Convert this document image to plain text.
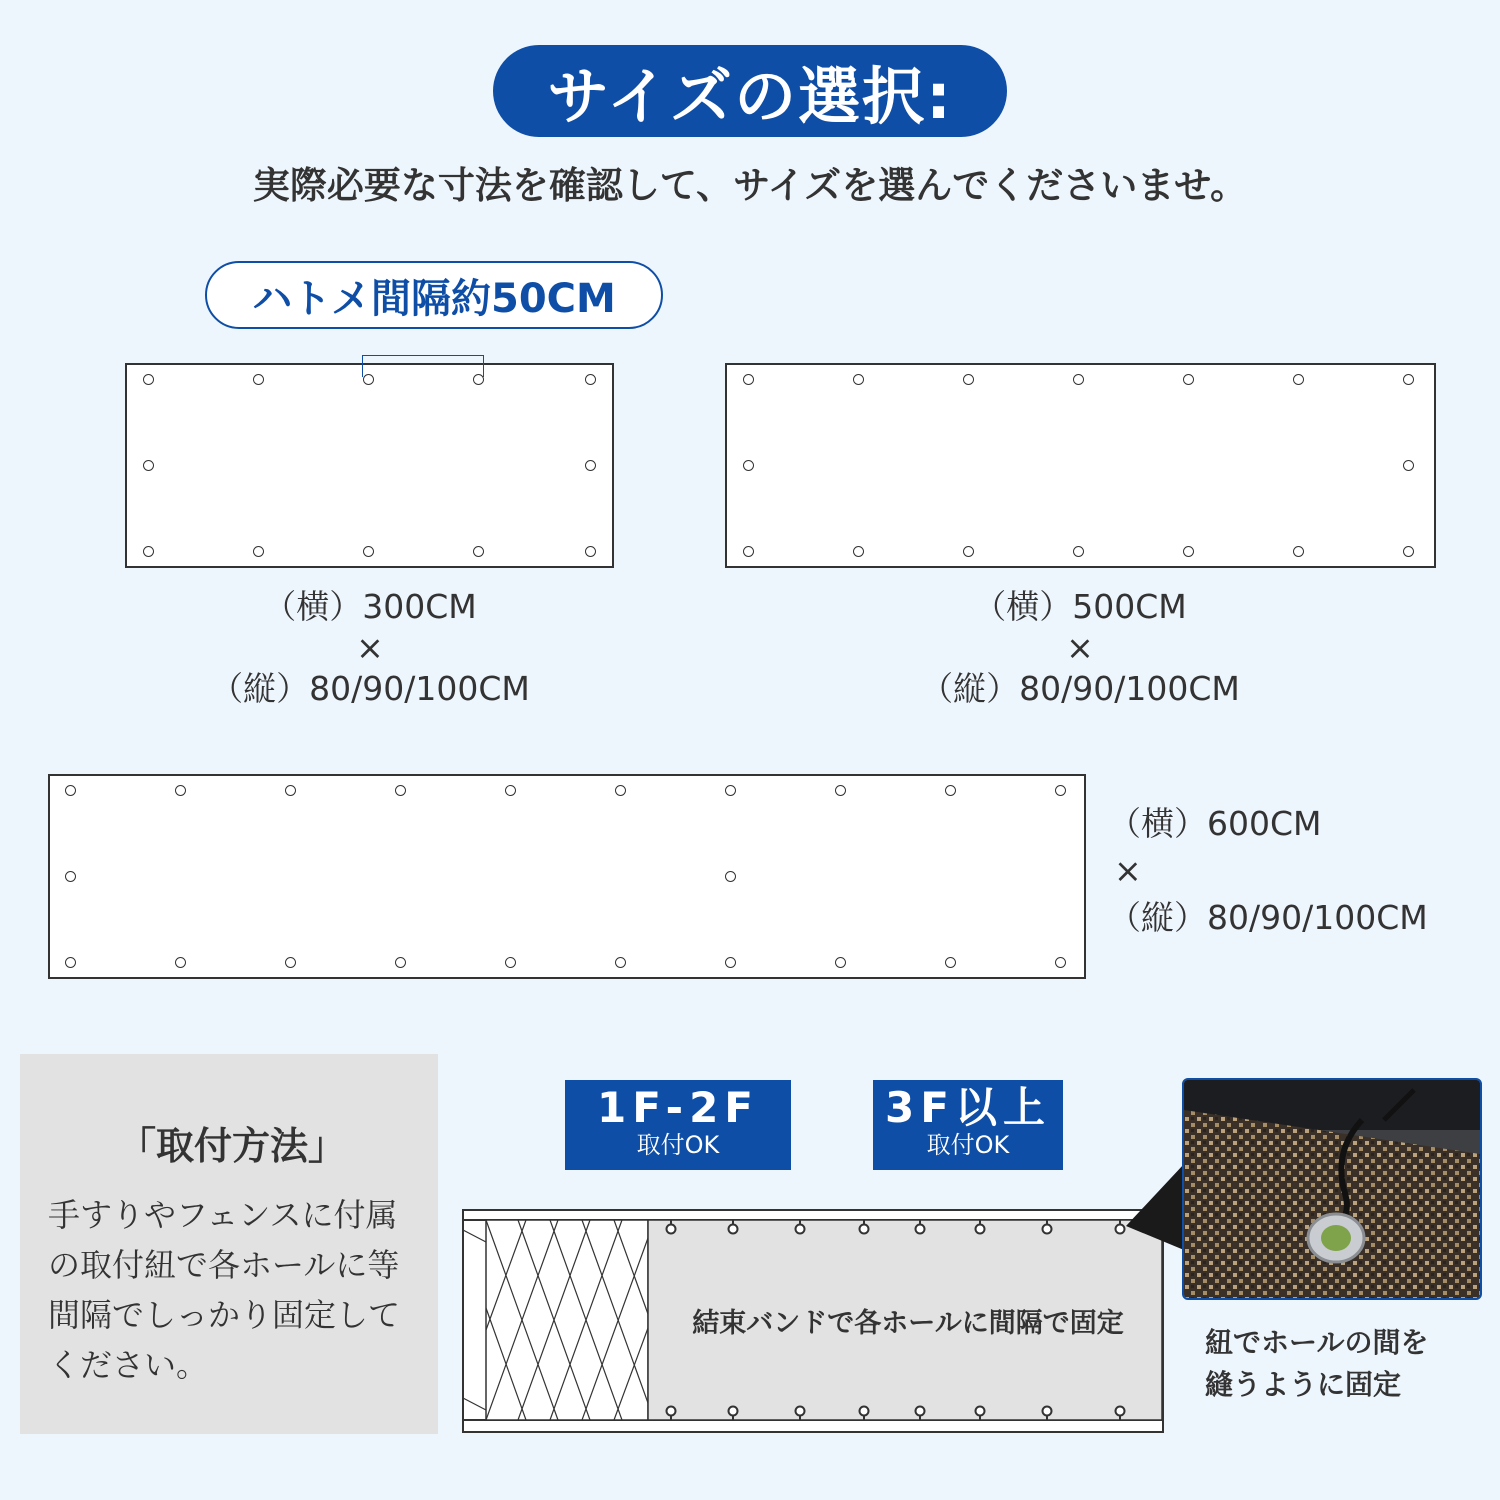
サイズの選択:
実際必要な寸法を確認して、サイズを選んでくださいませ。
ハトメ間隔約50CM
（横）300CM
×
（縦）80/90/100CM
（横）500CM
×
（縦）80/90/100CM
（横）600CM
×
（縦）80/90/100CM
「取付方法」
手すりやフェンスに付属の取付紐で各ホールに等間隔でしっかり固定してください。
1F-2F
取付OK
3F以上
取付OK
結束バンドで各ホールに間隔で固定
紐でホールの間を
縫うように固定
